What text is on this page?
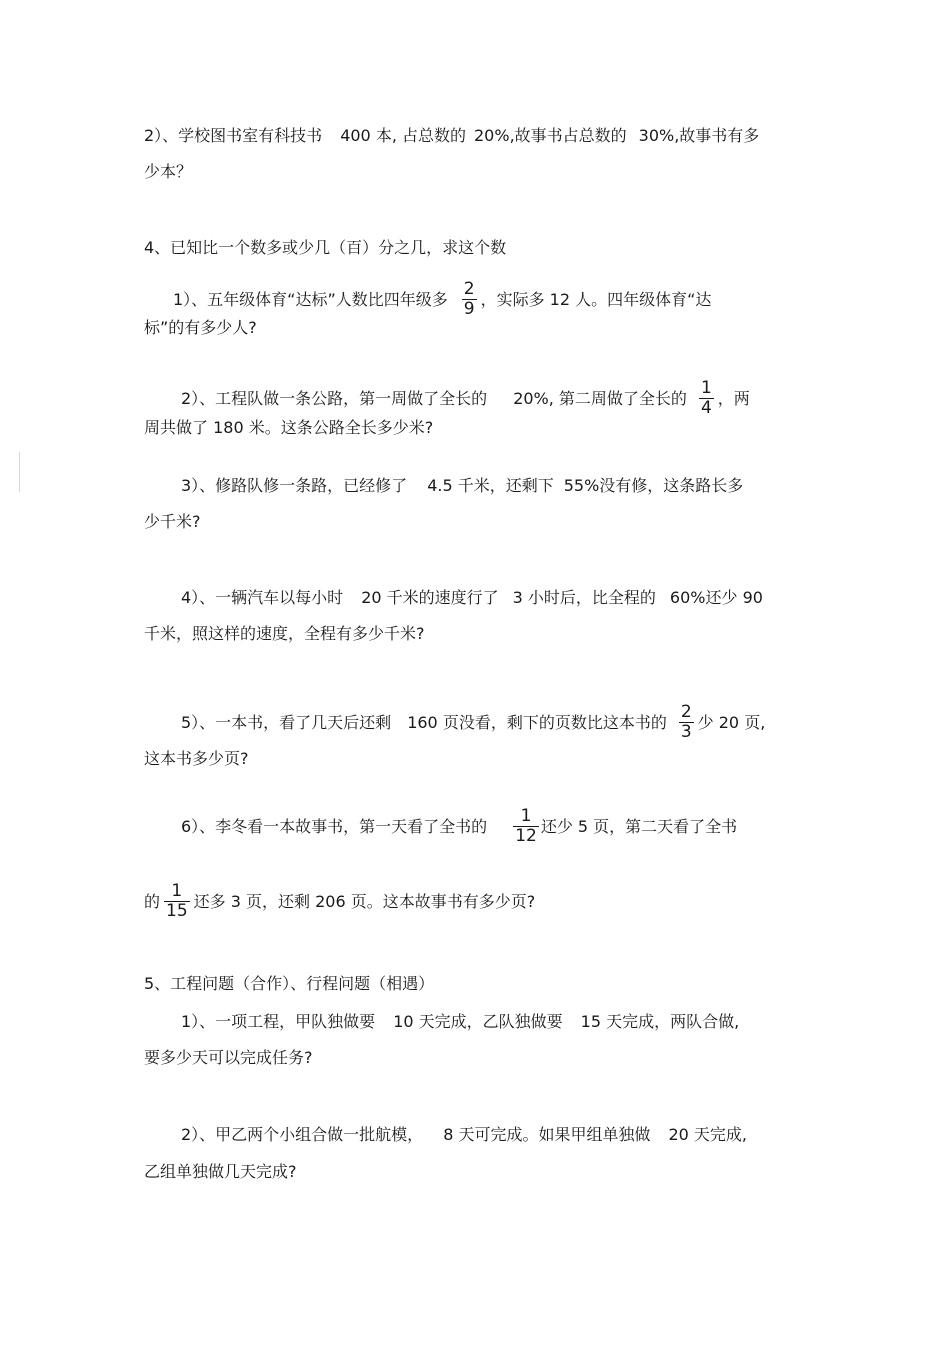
2）、学校图书室有科技书 400 本, 占总数的 20%,故事书占总数的 30%,故事书有多
少本？
4、已知比一个数多或少几（百）分之几，求这个数
1）、五年级体育“达标”人数比四年级多 $\frac{2}{9}$ ，实际多 12 人。四年级体育“达
标”的有多少人?
2）、工程队做一条公路，第一周做了全长的 20%, 第二周做了全长的 $\frac{1}{4}$ ，两
周共做了 180 米。这条公路全长多少米?
3）、修路队修一条路，已经修了 4.5 千米，还剩下 55%没有修，这条路长多
少千米?
4）、一辆汽车以每小时 20 千米的速度行了 3 小时后，比全程的 60%还少 90
千米，照这样的速度，全程有多少千米?
5）、一本书，看了几天后还剩 160 页没看，剩下的页数比这本书的 $\frac{2}{3}$ 少 20 页,
这本书多少页?
6）、李冬看一本故事书，第一天看了全书的 $\frac{1}{12}$ 还少 5 页，第二天看了全书
的 $\frac{1}{15}$ 还多 3 页，还剩 206 页。这本故事书有多少页?
5、工程问题（合作）、行程问题（相遇）
1）、一项工程，甲队独做要 10 天完成，乙队独做要 15 天完成，两队合做,
要多少天可以完成任务?
2）、甲乙两个小组合做一批航模， 8 天可完成。如果甲组单独做 20 天完成,
乙组单独做几天完成?
